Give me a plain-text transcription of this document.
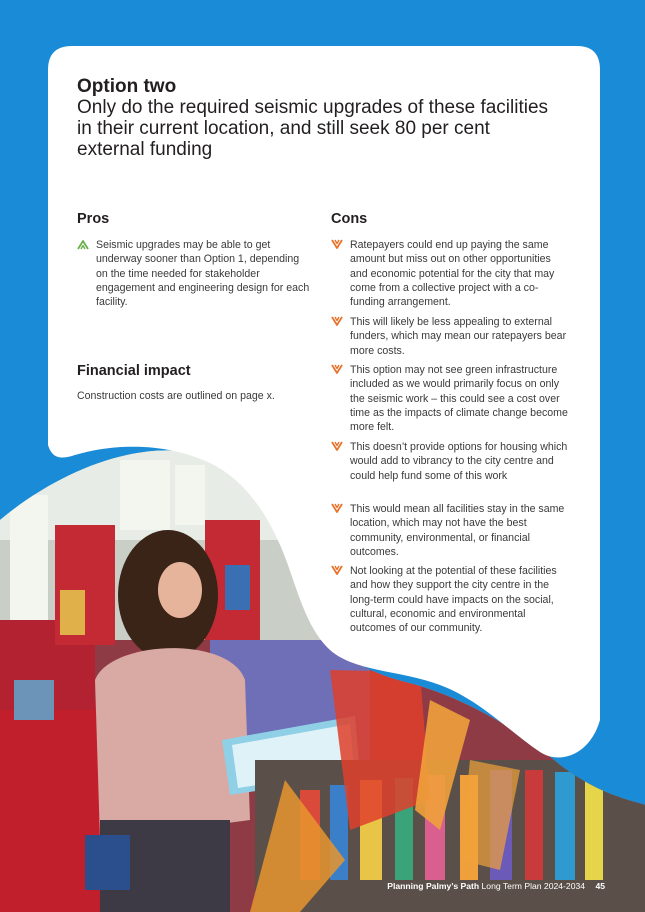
Option two
Only do the required seismic upgrades of these facilities in their current location, and still seek 80 per cent external funding
Pros	Cons
Seismic upgrades may be able to get underway sooner than Option 1, depending on the time needed for stakeholder engagement and engineering design for each facility.
Ratepayers could end up paying the same amount but miss out on other opportunities and economic potential for the city that may come from a collective project with a co-funding arrangement.
This will likely be less appealing to external funders, which may mean our ratepayers bear more costs.
This option may not see green infrastructure included as we would primarily focus on only the seismic work – this could see a cost over time as the impacts of climate change become more felt.
This doesn’t provide options for housing which would add to vibrancy to the city centre and could help fund some of this work
This would mean all facilities stay in the same location, which may not have the best community, environmental, or financial outcomes.
Not looking at the potential of these facilities and how they support the city centre in the long-term could have impacts on the social, cultural, economic and environmental outcomes of our community.
Financial impact
Construction costs are outlined on page x.
Planning Palmy’s Path Long Term Plan 2024-2034 45
